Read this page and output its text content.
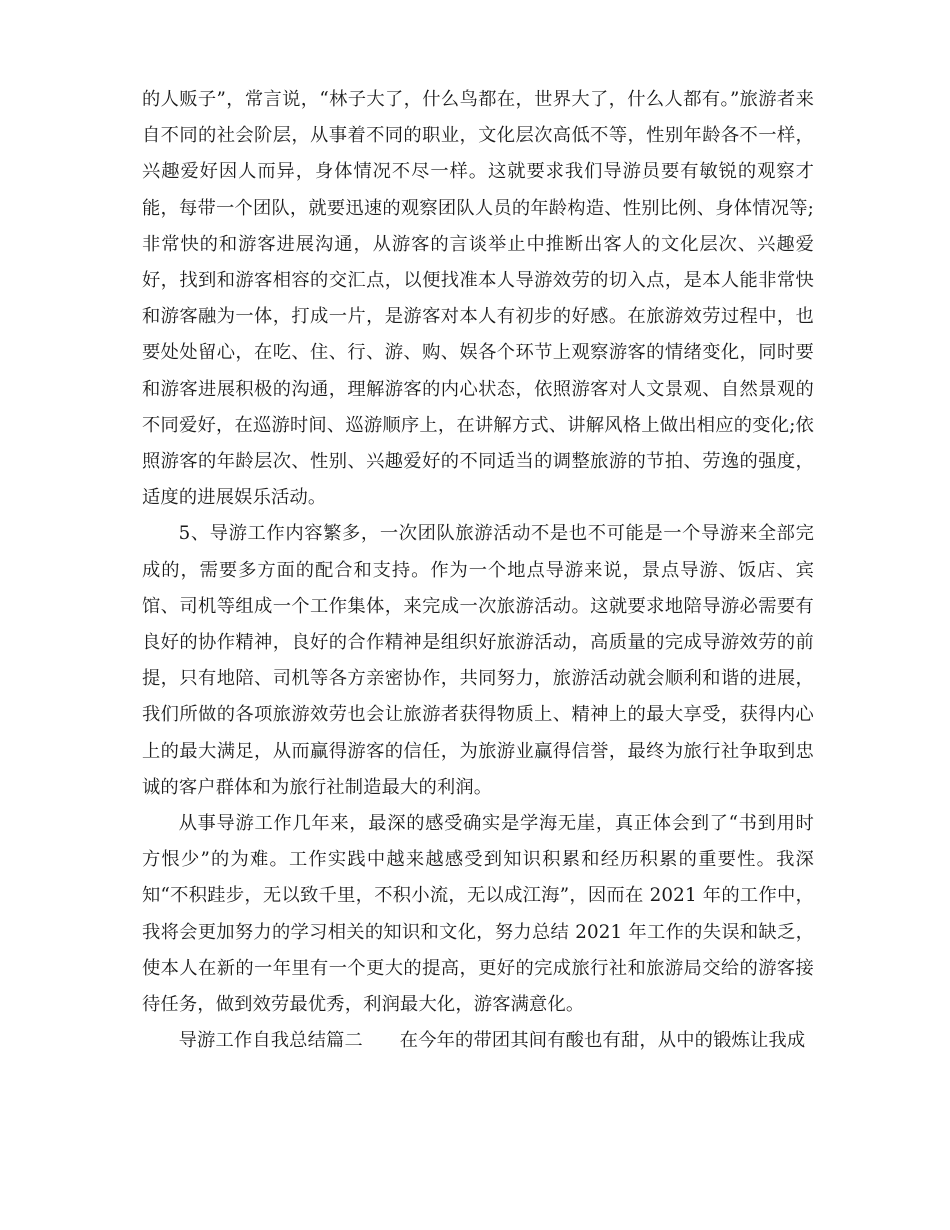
的人贩子”，常言说，“林子大了，什么鸟都在，世界大了，什么人都有。”旅游者来自不同的社会阶层，从事着不同的职业，文化层次高低不等，性别年龄各不一样，兴趣爱好因人而异，身体情况不尽一样。这就要求我们导游员要有敏锐的观察才能，每带一个团队，就要迅速的观察团队人员的年龄构造、性别比例、身体情况等;非常快的和游客进展沟通，从游客的言谈举止中推断出客人的文化层次、兴趣爱好，找到和游客相容的交汇点，以便找准本人导游效劳的切入点，是本人能非常快和游客融为一体，打成一片，是游客对本人有初步的好感。在旅游效劳过程中，也要处处留心，在吃、住、行、游、购、娱各个环节上观察游客的情绪变化，同时要和游客进展积极的沟通，理解游客的内心状态，依照游客对人文景观、自然景观的不同爱好，在巡游时间、巡游顺序上，在讲解方式、讲解风格上做出相应的变化;依照游客的年龄层次、性别、兴趣爱好的不同适当的调整旅游的节拍、劳逸的强度，适度的进展娱乐活动。

5、导游工作内容繁多，一次团队旅游活动不是也不可能是一个导游来全部完成的，需要多方面的配合和支持。作为一个地点导游来说，景点导游、饭店、宾馆、司机等组成一个工作集体，来完成一次旅游活动。这就要求地陪导游必需要有良好的协作精神，良好的合作精神是组织好旅游活动，高质量的完成导游效劳的前提，只有地陪、司机等各方亲密协作，共同努力，旅游活动就会顺利和谐的进展，我们所做的各项旅游效劳也会让旅游者获得物质上、精神上的最大享受，获得内心上的最大满足，从而赢得游客的信任，为旅游业赢得信誉，最终为旅行社争取到忠诚的客户群体和为旅行社制造最大的利润。

从事导游工作几年来，最深的感受确实是学海无崖，真正体会到了“书到用时方恨少”的为难。工作实践中越来越感受到知识积累和经历积累的重要性。我深知“不积跬步，无以致千里，不积小流，无以成江海”，因而在 2021 年的工作中，我将会更加努力的学习相关的知识和文化，努力总结 2021 年工作的失误和缺乏，使本人在新的一年里有一个更大的提高，更好的完成旅行社和旅游局交给的游客接待任务，做到效劳最优秀，利润最大化，游客满意化。

导游工作自我总结篇二　　在今年的带团其间有酸也有甜，从中的锻炼让我成
